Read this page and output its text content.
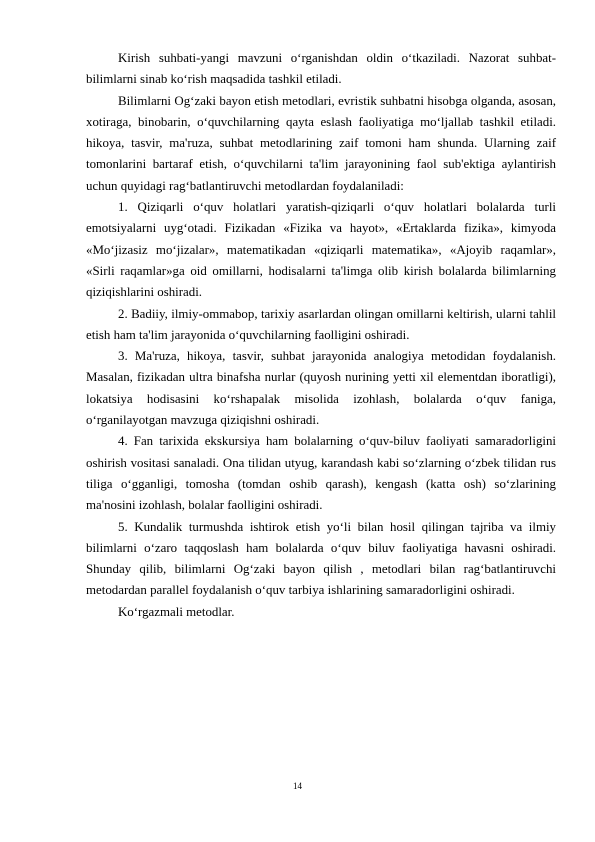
Kirish suhbati-yangi mavzuni o‘rganishdan oldin o‘tkaziladi. Nazorat suhbat-bilimlarni sinab ko‘rish maqsadida tashkil etiladi.

Bilimlarni Og‘zaki bayon etish metodlari, evristik suhbatni hisobga olganda, asosan, xotiraga, binobarin, o‘quvchilarning qayta eslash faoliyatiga mo‘ljallab tashkil etiladi. hikoya, tasvir, ma'ruza, suhbat metodlarining zaif tomoni ham shunda. Ularning zaif tomonlarini bartaraf etish, o‘quvchilarni ta'lim jarayonining faol sub'ektiga aylantirish uchun quyidagi rag‘batlantiruvchi metodlardan foydalaniladi:

1. Qiziqarli o‘quv holatlari yaratish-qiziqarli o‘quv holatlari bolalarda turli emotsiyalarni uyg‘otadi. Fizikadan «Fizika va hayot», «Ertaklarda fizika», kimyoda «Mo‘jizasiz mo‘jizalar», matematikadan «qiziqarli matematika», «Ajoyib raqamlar», «Sirli raqamlar»ga oid omillarni, hodisalarni ta'limga olib kirish bolalarda bilimlarning qiziqishlarini oshiradi.

2. Badiiy, ilmiy-ommabop, tarixiy asarlardan olingan omillarni keltirish, ularni tahlil etish ham ta'lim jarayonida o‘quvchilarning faolligini oshiradi.

3. Ma'ruza, hikoya, tasvir, suhbat jarayonida analogiya metodidan foydalanish. Masalan, fizikadan ultra binafsha nurlar (quyosh nurining yetti xil elementdan iboratligi), lokatsiya hodisasini ko‘rshapalak misolida izohlash, bolalarda o‘quv faniga, o‘rganilayotgan mavzuga qiziqishni oshiradi.

4. Fan tarixida ekskursiya ham bolalarning o‘quv-biluv faoliyati samaradorligini oshirish vositasi sanaladi. Ona tilidan utyug, karandash kabi so‘zlarning o‘zbek tilidan rus tiliga o‘gganligi, tomosha (tomdan oshib qarash), kengash (katta osh) so‘zlarining ma'nosini izohlash, bolalar faolligini oshiradi.

5. Kundalik turmushda ishtirok etish yo‘li bilan hosil qilingan tajriba va ilmiy bilimlarni o‘zaro taqqoslash ham bolalarda o‘quv biluv faoliyatiga havasni oshiradi. Shunday qilib, bilimlarni Og‘zaki bayon qilish , metodlari bilan rag‘batlantiruvchi metodardan parallel foydalanish o‘quv tarbiya ishlarining samaradorligini oshiradi.

Ko‘rgazmali metodlar.

14
